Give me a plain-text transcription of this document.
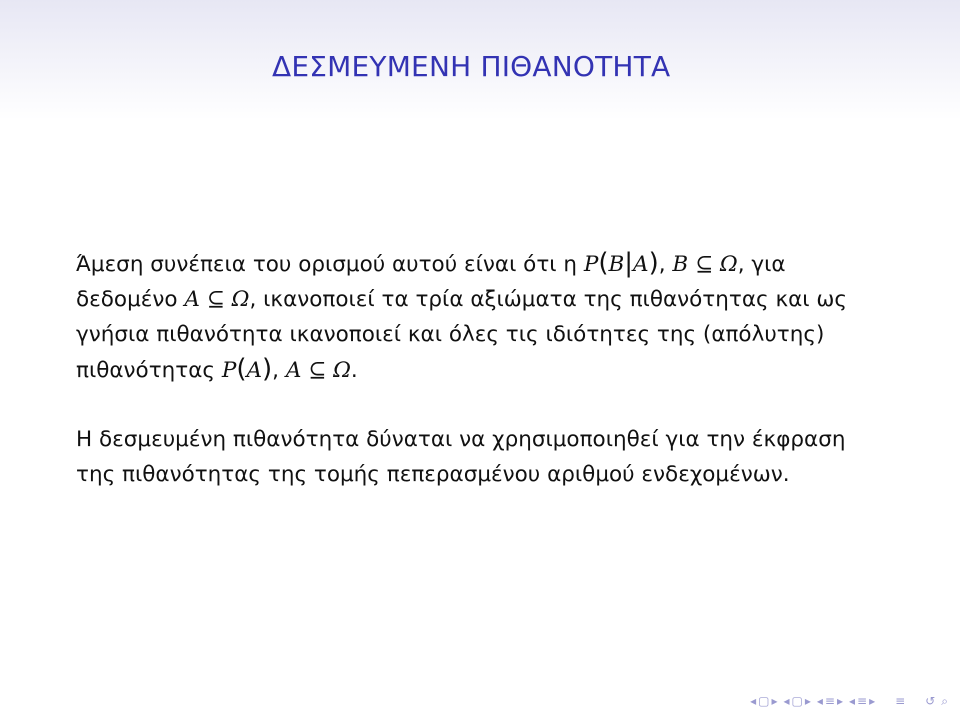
ΔΕΣΜΕΥΜΕΝΗ ΠΙΘΑΝΟΤΗΤΑ

Άμεση συνέπεια του ορισμού αυτού είναι ότι η P(B|A), B ⊆ Ω, για
δεδομένο A ⊆ Ω, ικανοποιεί τα τρία αξιώματα της πιθανότητας και ως
γνήσια πιθανότητα ικανοποιεί και όλες τις ιδιότητες της (απόλυτης)
πιθανότητας P(A), A ⊆ Ω.

Η δεσμευμένη πιθανότητα δύναται να χρησιμοποιηθεί για την έκφραση
της πιθανότητας της τομής πεπερασμένου αριθμού ενδεχομένων.

◂ ▢ ▸ ◂ ▢ ▸ ◂ ≡ ▸ ◂ ≡ ▸ ≡ ↺ ⌕
